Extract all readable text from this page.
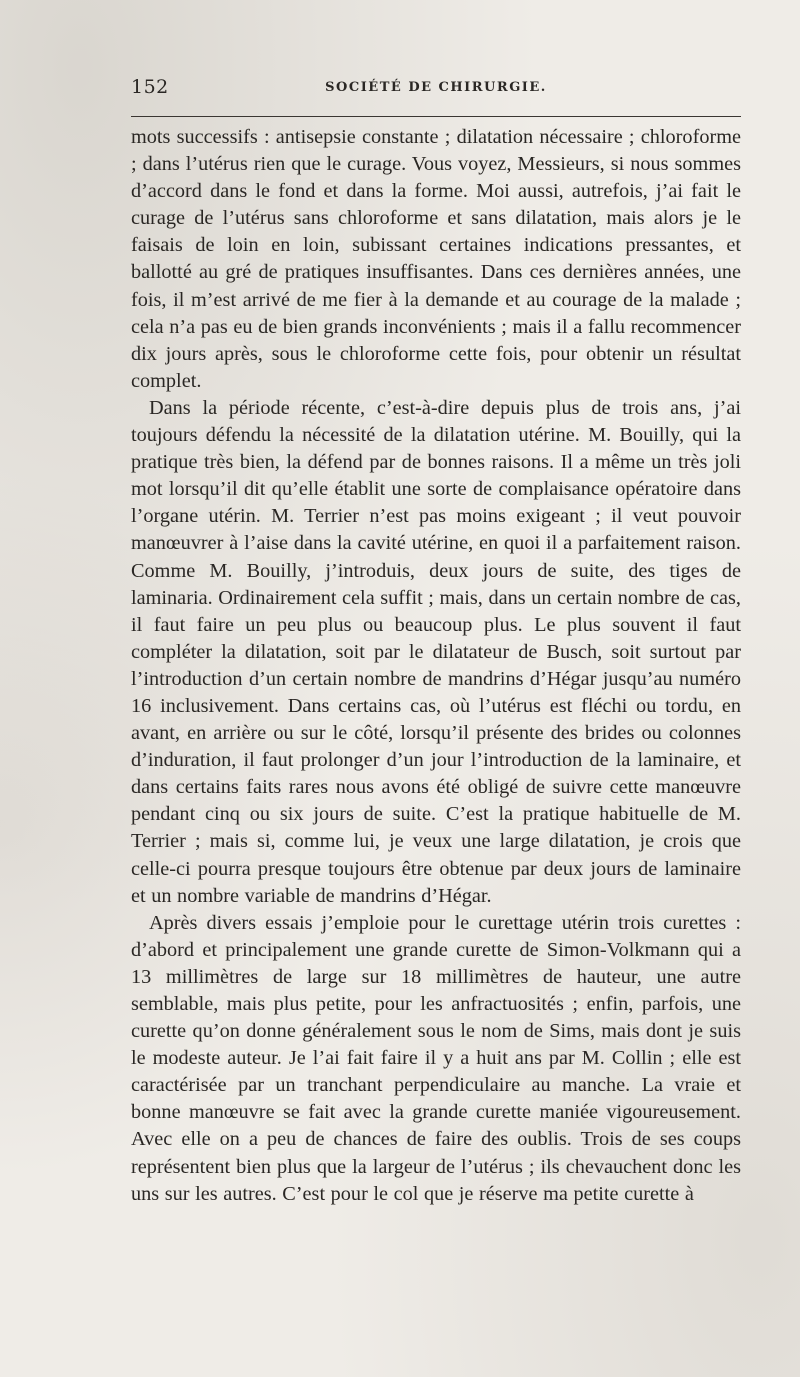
152	SOCIÉTÉ DE CHIRURGIE.

mots successifs : antisepsie constante ; dilatation nécessaire ; chloroforme ; dans l’utérus rien que le curage. Vous voyez, Messieurs, si nous sommes d’accord dans le fond et dans la forme. Moi aussi, autrefois, j’ai fait le curage de l’utérus sans chloroforme et sans dilatation, mais alors je le faisais de loin en loin, subissant certaines indications pressantes, et ballotté au gré de pratiques insuffisantes. Dans ces dernières années, une fois, il m’est arrivé de me fier à la demande et au courage de la malade ; cela n’a pas eu de bien grands inconvénients ; mais il a fallu recommencer dix jours après, sous le chloroforme cette fois, pour obtenir un résultat complet.

Dans la période récente, c’est-à-dire depuis plus de trois ans, j’ai toujours défendu la nécessité de la dilatation utérine. M. Bouilly, qui la pratique très bien, la défend par de bonnes raisons. Il a même un très joli mot lorsqu’il dit qu’elle établit une sorte de complaisance opératoire dans l’organe utérin. M. Terrier n’est pas moins exigeant ; il veut pouvoir manœuvrer à l’aise dans la cavité utérine, en quoi il a parfaitement raison. Comme M. Bouilly, j’introduis, deux jours de suite, des tiges de laminaria. Ordinairement cela suffit ; mais, dans un certain nombre de cas, il faut faire un peu plus ou beaucoup plus. Le plus souvent il faut compléter la dilatation, soit par le dilatateur de Busch, soit surtout par l’introduction d’un certain nombre de mandrins d’Hégar jusqu’au numéro 16 inclusivement. Dans certains cas, où l’utérus est fléchi ou tordu, en avant, en arrière ou sur le côté, lorsqu’il présente des brides ou colonnes d’induration, il faut prolonger d’un jour l’introduction de la laminaire, et dans certains faits rares nous avons été obligé de suivre cette manœuvre pendant cinq ou six jours de suite. C’est la pratique habituelle de M. Terrier ; mais si, comme lui, je veux une large dilatation, je crois que celle-ci pourra presque toujours être obtenue par deux jours de laminaire et un nombre variable de mandrins d’Hégar.

Après divers essais j’emploie pour le curettage utérin trois curettes : d’abord et principalement une grande curette de Simon-Volkmann qui a 13 millimètres de large sur 18 millimètres de hauteur, une autre semblable, mais plus petite, pour les anfractuosités ; enfin, parfois, une curette qu’on donne généralement sous le nom de Sims, mais dont je suis le modeste auteur. Je l’ai fait faire il y a huit ans par M. Collin ; elle est caractérisée par un tranchant perpendiculaire au manche. La vraie et bonne manœuvre se fait avec la grande curette maniée vigoureusement. Avec elle on a peu de chances de faire des oublis. Trois de ses coups représentent bien plus que la largeur de l’utérus ; ils chevauchent donc les uns sur les autres. C’est pour le col que je réserve ma petite curette à
